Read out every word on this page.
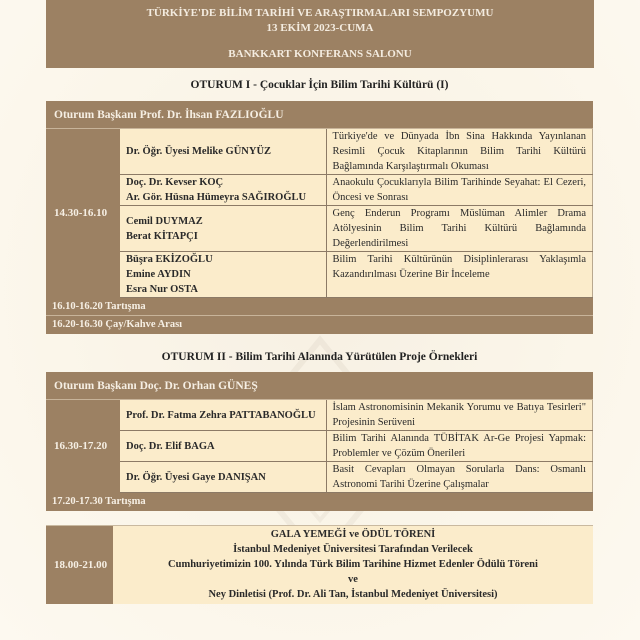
TÜRKİYE'DE BİLİM TARİHİ VE ARAŞTIRMALARI SEMPOZYUMU
13 EKİM 2023-CUMA
BANKKART KONFERANS SALONU
OTURUM I - Çocuklar İçin Bilim Tarihi Kültürü (I)
Oturum Başkanı Prof. Dr. İhsan FAZLIOĞLU
14.30-16.10	Dr. Öğr. Üyesi Melike GÜNYÜZ	Türkiye'de ve Dünyada İbn Sina Hakkında Yayınlanan Resimli Çocuk Kitaplarının Bilim Tarihi Kültürü Bağlamında Karşılaştırmalı Okuması

	Doç. Dr. Kevser KOÇ
Ar. Gör. Hüsna Hümeyra SAĞIROĞLU	Anaokulu Çocuklarıyla Bilim Tarihinde Seyahat: El Cezeri, Öncesi ve Sonrası

	Cemil DUYMAZ
Berat KİTAPÇI	Genç Enderun Programı Müslüman Alimler Drama Atölyesinin Bilim Tarihi Kültürü Bağlamında Değerlendirilmesi

	Büşra EKİZOĞLU
Emine AYDIN
Esra Nur OSTA	Bilim Tarihi Kültürünün Disiplinlerarası Yaklaşımla Kazandırılması Üzerine Bir İnceleme
16.10-16.20 Tartışma
16.20-16.30 Çay/Kahve Arası
OTURUM II - Bilim Tarihi Alanında Yürütülen Proje Örnekleri
Oturum Başkanı Doç. Dr. Orhan GÜNEŞ
16.30-17.20	Prof. Dr. Fatma Zehra PATTABANOĞLU	İslam Astronomisinin Mekanik Yorumu ve Batıya Tesirleri" Projesinin Serüveni

	Doç. Dr. Elif BAGA	Bilim Tarihi Alanında TÜBİTAK Ar-Ge Projesi Yapmak: Problemler ve Çözüm Önerileri

	Dr. Öğr. Üyesi Gaye DANIŞAN	Basit Cevapları Olmayan Sorularla Dans: Osmanlı Astronomi Tarihi Üzerine Çalışmalar
17.20-17.30 Tartışma
18.00-21.00
GALA YEMEĞİ ve ÖDÜL TÖRENİ
İstanbul Medeniyet Üniversitesi Tarafından Verilecek
Cumhuriyetimizin 100. Yılında Türk Bilim Tarihine Hizmet Edenler Ödülü Töreni
ve
Ney Dinletisi (Prof. Dr. Ali Tan, İstanbul Medeniyet Üniversitesi)
